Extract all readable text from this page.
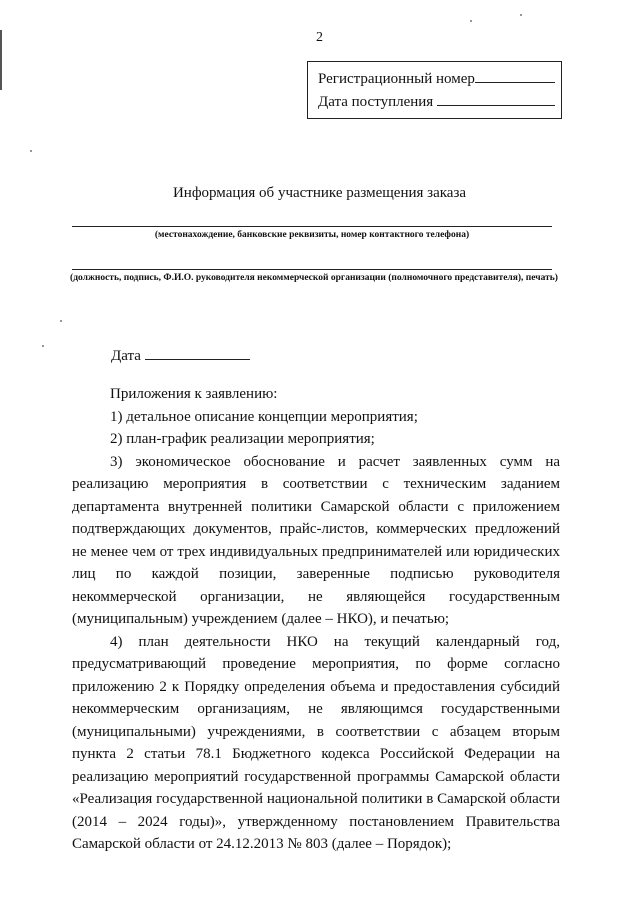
2
Регистрационный номер
Дата поступления
Информация об участнике размещения заказа
(местонахождение, банковские реквизиты, номер контактного телефона)
(должность, подпись, Ф.И.О. руководителя некоммерческой организации (полномочного представителя), печать)
Дата

Приложения к заявлению:

1) детальное описание концепции мероприятия;

2) план-график реализации мероприятия;

3) экономическое обоснование и расчет заявленных сумм на реализацию мероприятия в соответствии с техническим заданием департамента внутренней политики Самарской области с приложением подтверждающих документов, прайс-листов, коммерческих предложений не менее чем от трех индивидуальных предпринимателей или юридических лиц по каждой позиции, заверенные подписью руководителя некоммерческой организации, не являющейся государственным (муниципальным) учреждением (далее – НКО), и печатью;

4) план деятельности НКО на текущий календарный год, предусматривающий проведение мероприятия, по форме согласно приложению 2 к Порядку определения объема и предоставления субсидий некоммерческим организациям, не являющимся государственными (муниципальными) учреждениями, в соответствии с абзацем вторым пункта 2 статьи 78.1 Бюджетного кодекса Российской Федерации на реализацию мероприятий государственной программы Самарской области «Реализация государственной национальной политики в Самарской области (2014 – 2024 годы)», утвержденному постановлением Правительства Самарской области от 24.12.2013 № 803 (далее – Порядок);
